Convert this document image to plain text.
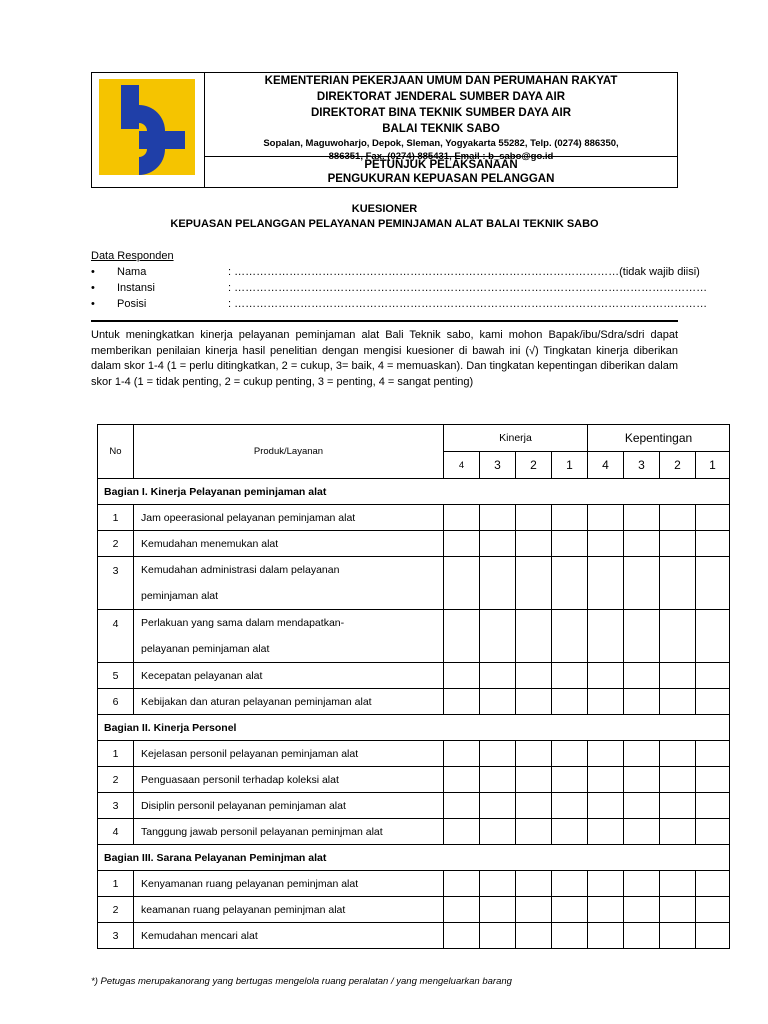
KEMENTERIAN PEKERJAAN UMUM DAN PERUMAHAN RAKYAT
DIREKTORAT JENDERAL SUMBER DAYA AIR
DIREKTORAT BINA TEKNIK SUMBER DAYA AIR
BALAI TEKNIK SABO
Sopalan, Maguwoharjo, Depok, Sleman, Yogyakarta 55282, Telp. (0274) 886350,
886351, Fax. (0274) 885431, Email : b_sabo@go.id
PETUNJUK PELAKSANAAN
PENGUKURAN KEPUASAN PELANGGAN
KUESIONER
KEPUASAN PELANGGAN PELAYANAN PEMINJAMAN ALAT BALAI TEKNIK SABO
Data Responden
• Nama	: ……………………………………………………………………………………………(tidak wajib diisi)
• Instansi	: …………………………………………………………………………………………………………………
• Posisi	: …………………………………………………………………………………………………………………
Untuk meningkatkan kinerja pelayanan peminjaman alat Bali Teknik sabo, kami mohon Bapak/ibu/Sdra/sdri dapat memberikan penilaian kinerja hasil penelitian dengan mengisi kuesioner di bawah ini (√) Tingkatan kinerja diberikan dalam skor 1-4 (1 = perlu ditingkatkan, 2 = cukup, 3= baik, 4 = memuaskan). Dan tingkatan kepentingan diberikan dalam skor 1-4 (1 = tidak penting, 2 = cukup penting, 3 = penting, 4 = sangat penting)
No	Produk/Layanan	Kinerja				Kepentingan			
		4	3	2	1	4	3	2	1
Bagian I. Kinerja Pelayanan peminjaman alat									
1	Jam opeerasional pelayanan peminjaman alat								

2	Kemudahan menemukan alat								

3	Kemudahan administrasi dalam pelayanan
peminjaman alat								

4	Perlakuan yang sama dalam mendapatkan-
pelayanan peminjaman alat								

5	Kecepatan pelayanan alat								

6	Kebijakan dan aturan pelayanan peminjaman alat								

Bagian II. Kinerja Personel									
1	Kejelasan personil pelayanan peminjaman alat								

2	Penguasaan personil terhadap koleksi alat								

3	Disiplin personil pelayanan peminjaman alat								

4	Tanggung jawab personil pelayanan peminjman alat								

Bagian III. Sarana Pelayanan Peminjman alat									
1	Kenyamanan ruang pelayanan peminjman alat								

2	keamanan ruang pelayanan peminjman alat								

3	Kemudahan mencari alat								

*) Petugas merupakanorang yang bertugas mengelola ruang peralatan / yang mengeluarkan barang
